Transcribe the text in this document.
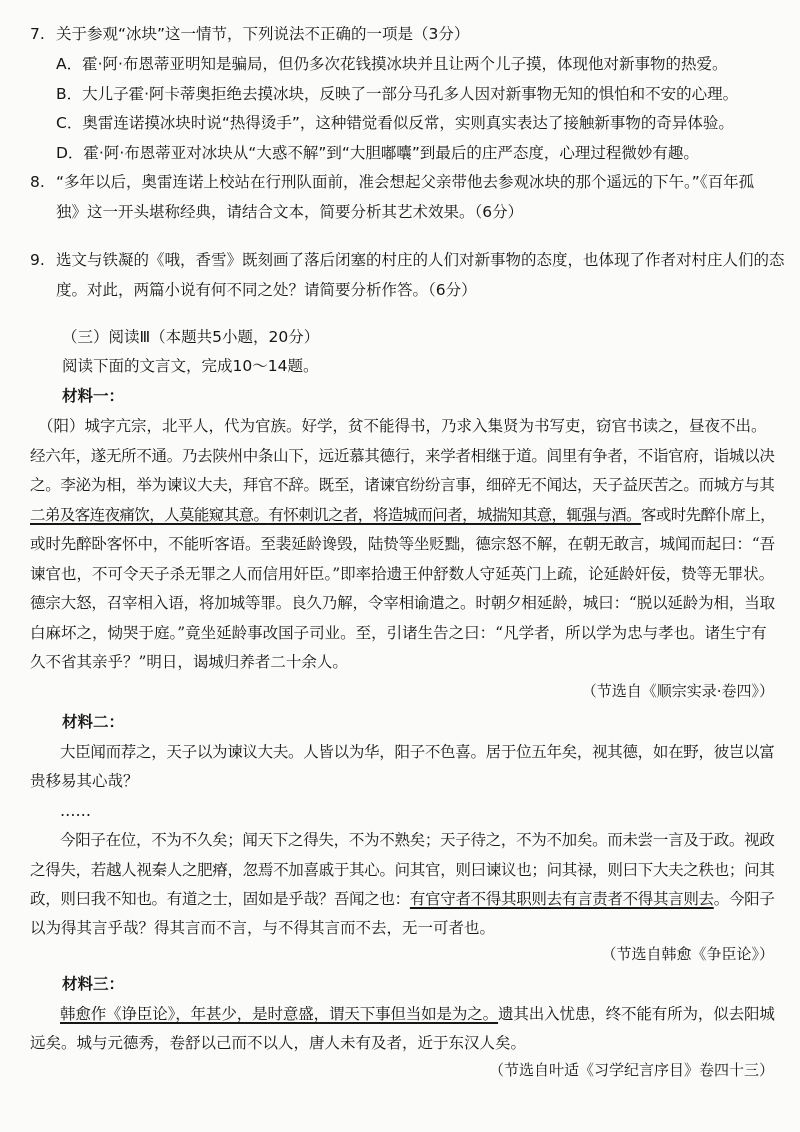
7. 关于参观“冰块”这一情节，下列说法不正确的一项是（3分）
A．霍·阿·布恩蒂亚明知是骗局，但仍多次花钱摸冰块并且让两个儿子摸，体现他对新事物的热爱。
B．大儿子霍·阿卡蒂奥拒绝去摸冰块，反映了一部分马孔多人因对新事物无知的惧怕和不安的心理。
C．奥雷连诺摸冰块时说“热得烫手”，这种错觉看似反常，实则真实表达了接触新事物的奇异体验。
D．霍·阿·布恩蒂亚对冰块从“大惑不解”到“大胆嘟囔”到最后的庄严态度，心理过程微妙有趣。
8. “多年以后，奥雷连诺上校站在行刑队面前，准会想起父亲带他去参观冰块的那个遥远的下午。”《百年孤
独》这一开头堪称经典，请结合文本，简要分析其艺术效果。（6分）
9. 选文与铁凝的《哦，香雪》既刻画了落后闭塞的村庄的人们对新事物的态度，也体现了作者对村庄人们的态
度。对此，两篇小说有何不同之处？请简要分析作答。（6分）
（三）阅读Ⅲ（本题共5小题，20分）
阅读下面的文言文，完成10～14题。
材料一：
（阳）城字亢宗，北平人，代为官族。好学，贫不能得书，乃求入集贤为书写吏，窃官书读之，昼夜不出。
经六年，遂无所不通。乃去陕州中条山下，远近慕其德行，来学者相继于道。闾里有争者，不诣官府，诣城以决
之。李泌为相，举为谏议大夫，拜官不辞。既至，诸谏官纷纷言事，细碎无不闻达，天子益厌苦之。而城方与其
二弟及客连夜痛饮，人莫能窥其意。有怀刺讥之者，将造城而问者，城揣知其意，辄强与酒。客或时先醉仆席上，
或时先醉卧客怀中，不能听客语。至裴延龄谗毁，陆贽等坐贬黜，德宗怒不解，在朝无敢言，城闻而起曰：“吾
谏官也，不可令天子杀无罪之人而信用奸臣。”即率拾遗王仲舒数人守延英门上疏，论延龄奸佞，贽等无罪状。
德宗大怒，召宰相入语，将加城等罪。良久乃解，令宰相谕遣之。时朝夕相延龄，城曰：“脱以延龄为相，当取
白麻坏之，恸哭于庭。”竟坐延龄事改国子司业。至，引诸生告之曰：“凡学者，所以学为忠与孝也。诸生宁有
久不省其亲乎？”明日，谒城归养者二十余人。
（节选自《顺宗实录·卷四》）
材料二：
大臣闻而荐之，天子以为谏议大夫。人皆以为华，阳子不色喜。居于位五年矣，视其德，如在野，彼岂以富
贵移易其心哉？
……
今阳子在位，不为不久矣；闻天下之得失，不为不熟矣；天子待之，不为不加矣。而未尝一言及于政。视政
之得失，若越人视秦人之肥瘠，忽焉不加喜戚于其心。问其官，则曰谏议也；问其禄，则曰下大夫之秩也；问其
政，则曰我不知也。有道之士，固如是乎哉？吾闻之也：有官守者不得其职则去有言责者不得其言则去。今阳子
以为得其言乎哉？得其言而不言，与不得其言而不去，无一可者也。
（节选自韩愈《争臣论》）
材料三：
韩愈作《诤臣论》，年甚少，是时意盛，谓天下事但当如是为之。遗其出入忧患，终不能有所为，似去阳城
远矣。城与元德秀，卷舒以己而不以人，唐人未有及者，近于东汉人矣。
（节选自叶适《习学纪言序目》卷四十三）
